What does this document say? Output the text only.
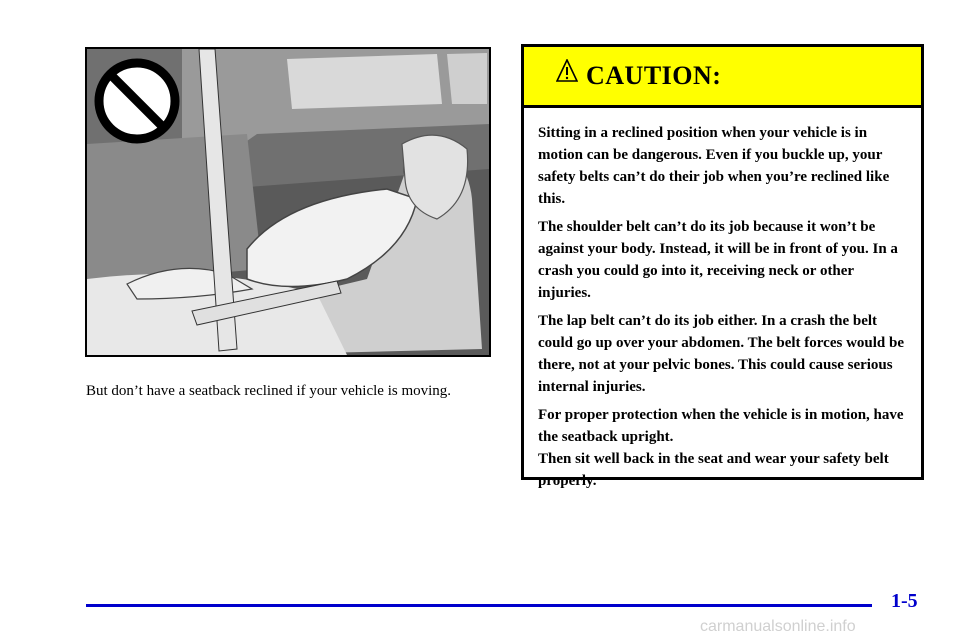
But don’t have a seatback reclined if your vehicle is moving.
CAUTION:

Sitting in a reclined position when your vehicle is in motion can be dangerous. Even if you buckle up, your safety belts can’t do their job when you’re reclined like this.

The shoulder belt can’t do its job because it won’t be against your body. Instead, it will be in front of you. In a crash you could go into it, receiving neck or other injuries.

The lap belt can’t do its job either. In a crash the belt could go up over your abdomen. The belt forces would be there, not at your pelvic bones. This could cause serious internal injuries.

For proper protection when the vehicle is in motion, have the seatback upright.

Then sit well back in the seat and wear your safety belt properly.

1-5
carmanualsonline.info
